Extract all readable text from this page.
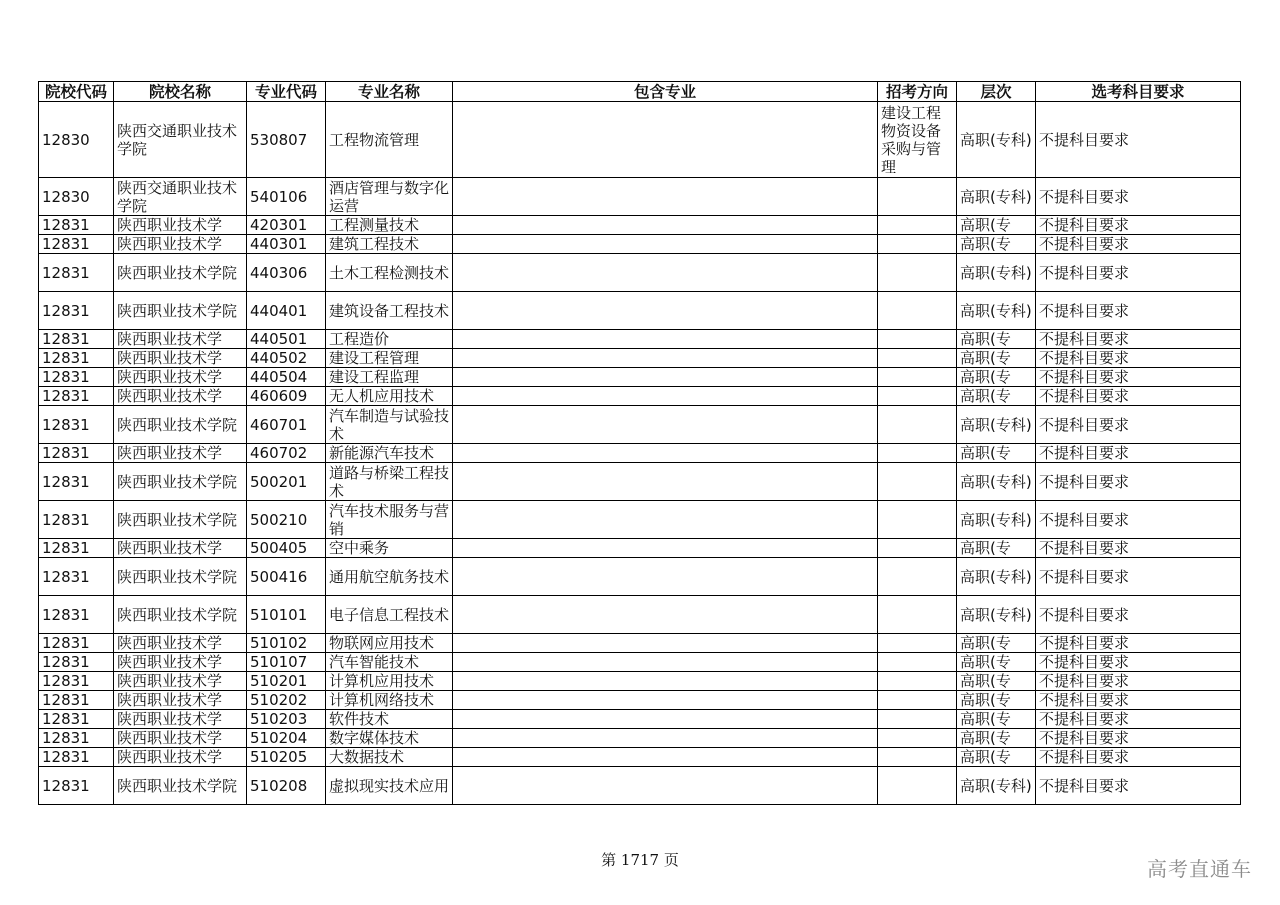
院校代码	院校名称	专业代码	专业名称	包含专业	招考方向	层次	选考科目要求

12830	陕西交通职业技术学院	530807	工程物流管理		建设工程物资设备采购与管理	高职(专科)	不提科目要求

12830	陕西交通职业技术学院	540106	酒店管理与数字化运营			高职(专科)	不提科目要求

12831	陕西职业技术学	420301	工程测量技术			高职(专	不提科目要求

12831	陕西职业技术学	440301	建筑工程技术			高职(专	不提科目要求

12831	陕西职业技术学院	440306	土木工程检测技术			高职(专科)	不提科目要求

12831	陕西职业技术学院	440401	建筑设备工程技术			高职(专科)	不提科目要求

12831	陕西职业技术学	440501	工程造价			高职(专	不提科目要求

12831	陕西职业技术学	440502	建设工程管理			高职(专	不提科目要求

12831	陕西职业技术学	440504	建设工程监理			高职(专	不提科目要求

12831	陕西职业技术学	460609	无人机应用技术			高职(专	不提科目要求

12831	陕西职业技术学院	460701	汽车制造与试验技术			高职(专科)	不提科目要求

12831	陕西职业技术学	460702	新能源汽车技术			高职(专	不提科目要求

12831	陕西职业技术学院	500201	道路与桥梁工程技术			高职(专科)	不提科目要求

12831	陕西职业技术学院	500210	汽车技术服务与营销			高职(专科)	不提科目要求

12831	陕西职业技术学	500405	空中乘务			高职(专	不提科目要求

12831	陕西职业技术学院	500416	通用航空航务技术			高职(专科)	不提科目要求

12831	陕西职业技术学院	510101	电子信息工程技术			高职(专科)	不提科目要求

12831	陕西职业技术学	510102	物联网应用技术			高职(专	不提科目要求

12831	陕西职业技术学	510107	汽车智能技术			高职(专	不提科目要求

12831	陕西职业技术学	510201	计算机应用技术			高职(专	不提科目要求

12831	陕西职业技术学	510202	计算机网络技术			高职(专	不提科目要求

12831	陕西职业技术学	510203	软件技术			高职(专	不提科目要求

12831	陕西职业技术学	510204	数字媒体技术			高职(专	不提科目要求

12831	陕西职业技术学	510205	大数据技术			高职(专	不提科目要求

12831	陕西职业技术学院	510208	虚拟现实技术应用			高职(专科)	不提科目要求
第 1717 页	高考直通车
